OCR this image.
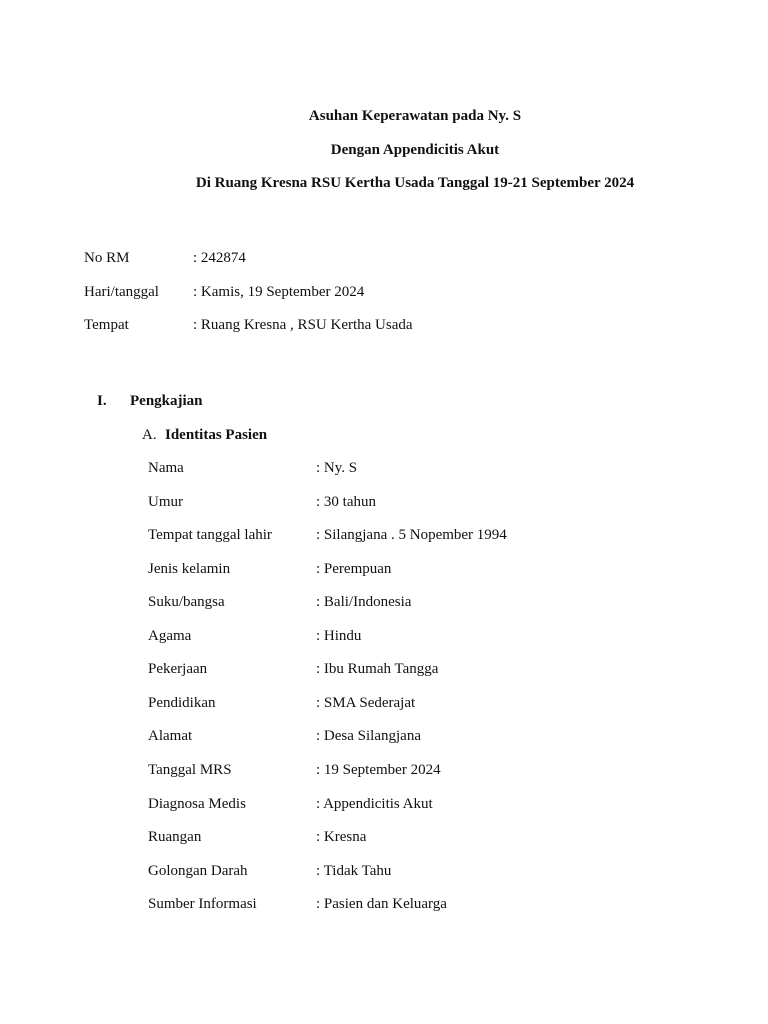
Asuhan Keperawatan pada Ny. S
Dengan Appendicitis Akut
Di Ruang Kresna RSU Kertha Usada Tanggal 19-21 September 2024
No RM	: 242874
Hari/tanggal : Kamis, 19 September 2024
Tempat	: Ruang Kresna , RSU Kertha Usada
I. Pengkajian
A. Identitas Pasien
Nama	: Ny. S
Umur	: 30 tahun
Tempat tanggal lahir	: Silangjana . 5 Nopember 1994
Jenis kelamin	: Perempuan
Suku/bangsa	: Bali/Indonesia
Agama	: Hindu
Pekerjaan	: Ibu Rumah Tangga
Pendidikan	: SMA Sederajat
Alamat	: Desa Silangjana
Tanggal MRS	: 19 September 2024
Diagnosa Medis	: Appendicitis Akut
Ruangan	: Kresna
Golongan Darah	: Tidak Tahu
Sumber Informasi	: Pasien dan Keluarga
